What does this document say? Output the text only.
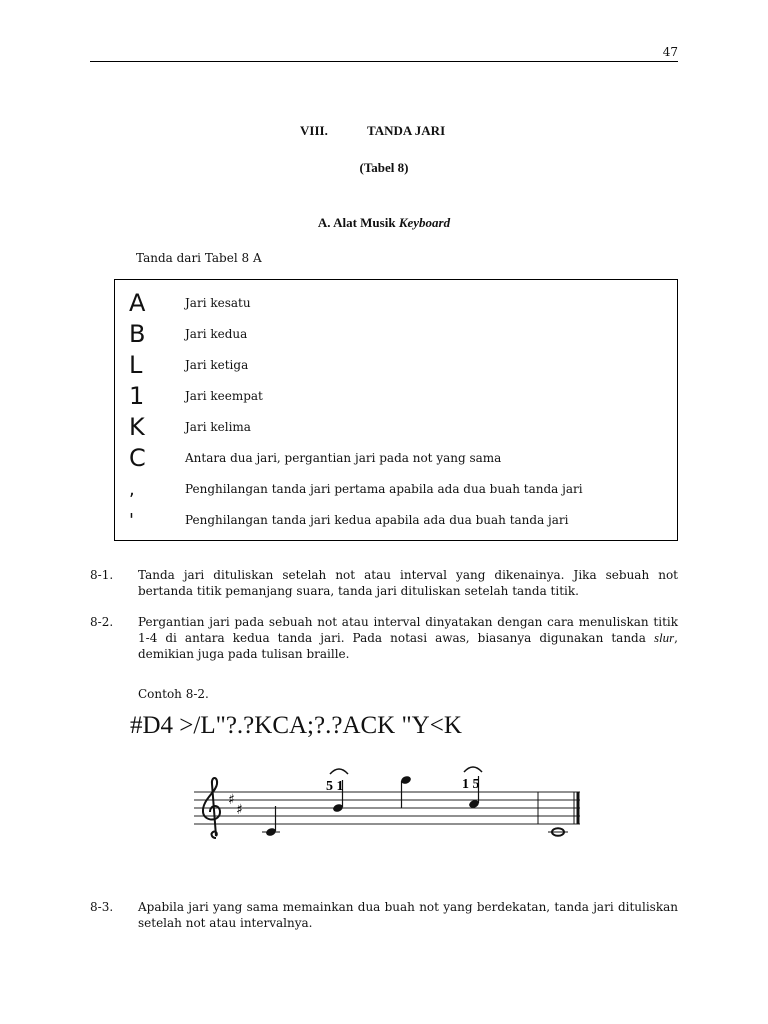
47
VIII.	TANDA JARI
(Tabel 8)
A. Alat Musik Keyboard
Tanda dari Tabel 8 A
A	Jari kesatu
B	Jari kedua
L	Jari ketiga
1	Jari keempat
K	Jari kelima
C	Antara dua jari, pergantian jari pada not yang sama
,	Penghilangan tanda jari pertama apabila ada dua buah tanda jari
'	Penghilangan tanda jari kedua apabila ada dua buah tanda jari
8-1. Tanda jari dituliskan setelah not atau interval yang dikenainya. Jika sebuah not bertanda titik pemanjang suara, tanda jari dituliskan setelah tanda titik.
8-2. Pergantian jari pada sebuah not atau interval dinyatakan dengan cara menuliskan titik 1-4 di antara kedua tanda jari. Pada notasi awas, biasanya digunakan tanda slur, demikian juga pada tulisan braille.
Contoh 8-2.
#D4 >/L"?.?KCA;?.?ACK "Y<K
♯
♯
5 1	1 5
8-3. Apabila jari yang sama memainkan dua buah not yang berdekatan, tanda jari dituliskan setelah not atau intervalnya.
